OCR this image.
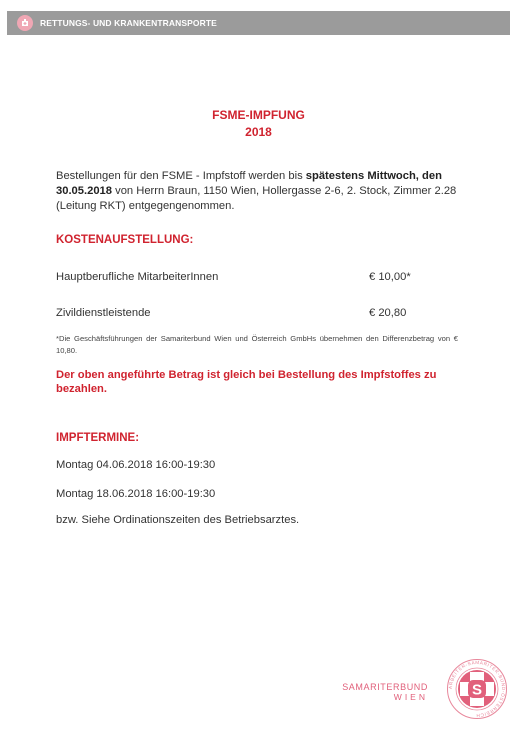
RETTUNGS- UND KRANKENTRANSPORTE
FSME-IMPFUNG
2018
Bestellungen für den FSME - Impfstoff werden bis spätestens Mittwoch, den 30.05.2018 von Herrn Braun, 1150 Wien, Hollergasse 2-6, 2. Stock, Zimmer 2.28 (Leitung RKT) entgegengenommen.
KOSTENAUFSTELLUNG:
Hauptberufliche MitarbeiterInnen	€ 10,00*
Zivildienstleistende	€ 20,80
*Die Geschäftsführungen der Samariterbund Wien und Österreich GmbHs übernehmen den Differenzbetrag von € 10,80.
Der oben angeführte Betrag ist gleich bei Bestellung des Impfstoffes zu bezahlen.
IMPFTERMINE:
Montag 04.06.2018 16:00-19:30
Montag 18.06.2018 16:00-19:30
bzw. Siehe Ordinationszeiten des Betriebsarztes.
SAMARITERBUND
WIEN
ARBEITER-SAMARITER-BUND-ÖSTERREICH
S
